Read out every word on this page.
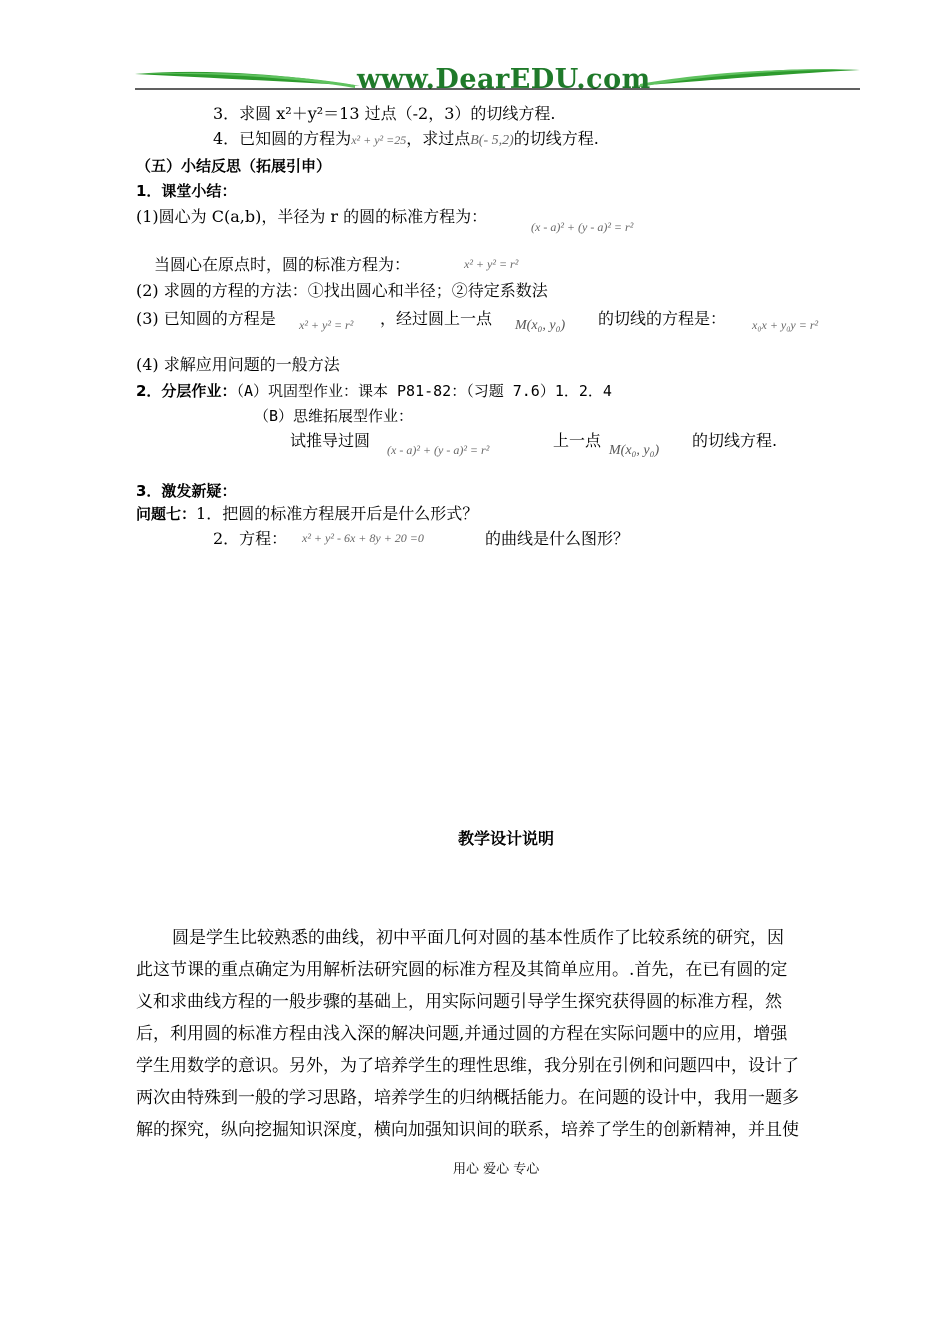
www.DearEDU.com
3．求圆 x²＋y²＝13 过点（-2，3）的切线方程.
4．已知圆的方程为x² + y² =25，求过点B(- 5,2)的切线方程.
（五）小结反思（拓展引申）
1．课堂小结：
(1)圆心为 C(a,b)，半径为 r 的圆的标准方程为：
(x - a)² + (y - a)² = r²
当圆心在原点时，圆的标准方程为：	x² + y² = r²
(2) 求圆的方程的方法：①找出圆心和半径；②待定系数法
(3) 已知圆的方程是 x² + y² = r² ，经过圆上一点 M(x₀, y₀) 的切线的方程是： x₀x + y₀y = r²
(4) 求解应用问题的一般方法
2．分层作业：（A）巩固型作业：课本 P81-82：（习题 7.6）1．2．4
（B）思维拓展型作业：
试推导过圆 (x - a)² + (y - a)² = r²	上一点
M(x₀, y₀)
的切线方程.
3．激发新疑：
问题七：1．把圆的标准方程展开后是什么形式？
2．方程： x² + y² - 6x + 8y + 20 =0	的曲线是什么图形？
教学设计说明
圆是学生比较熟悉的曲线，初中平面几何对圆的基本性质作了比较系统的研究，因
此这节课的重点确定为用解析法研究圆的标准方程及其简单应用。.首先，在已有圆的定
义和求曲线方程的一般步骤的基础上，用实际问题引导学生探究获得圆的标准方程，然
后，利用圆的标准方程由浅入深的解决问题,并通过圆的方程在实际问题中的应用，增强
学生用数学的意识。另外，为了培养学生的理性思维，我分别在引例和问题四中，设计了
两次由特殊到一般的学习思路，培养学生的归纳概括能力。在问题的设计中，我用一题多
解的探究，纵向挖掘知识深度，横向加强知识间的联系，培养了学生的创新精神，并且使
用心 爱心 专心
